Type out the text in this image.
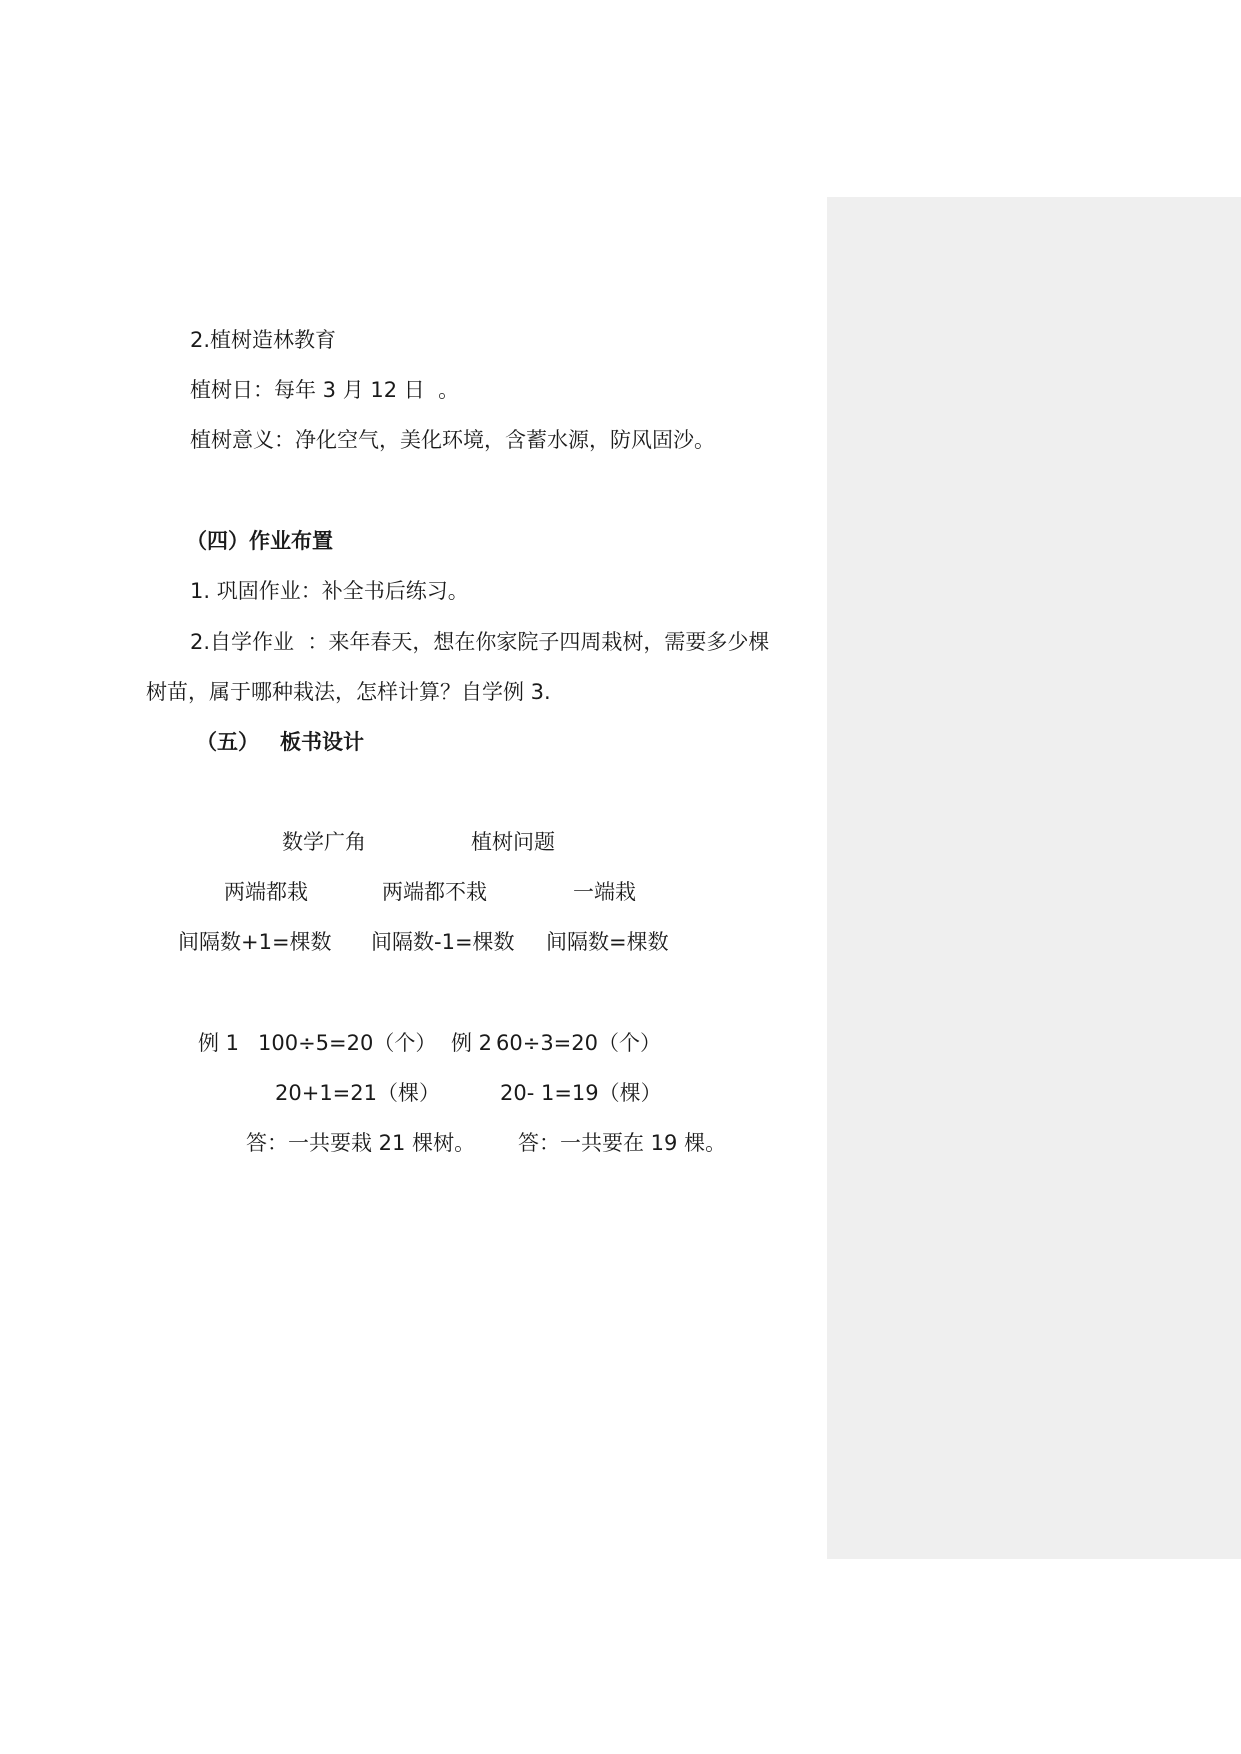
2.植树造林教育
植树日：每年 3 月 12 日  。
植树意义：净化空气，美化环境，含蓄水源，防风固沙。
（四）作业布置
1. 巩固作业：补全书后练习。
2.自学作业  ：来年春天，想在你家院子四周栽树，需要多少棵
树苗，属于哪种栽法，怎样计算？自学例 3.
（五） 板书设计
数学广角	植树问题
两端都栽	两端都不栽	一端栽
间隔数+1=棵数 间隔数-1=棵数 间隔数=棵数
例 1 100÷5=20（个） 例 2 60÷3=20（个）
20+1=21（棵）	20- 1=19（棵）
答：一共要栽 21 棵树。 答：一共要在 19 棵。
